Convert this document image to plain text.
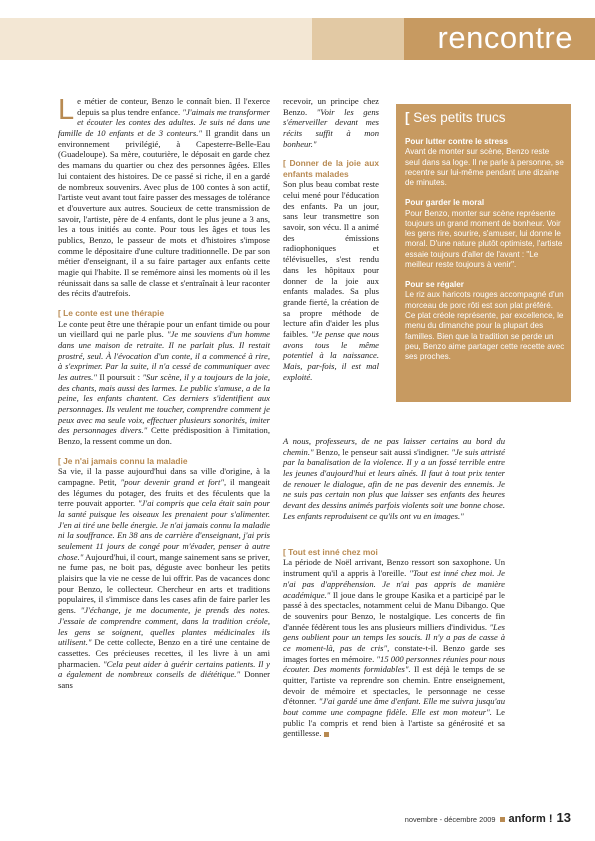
rencontre

Le métier de conteur, Benzo le connaît bien. Il l'exerce depuis sa plus tendre enfance. "J'aimais me transformer et écouter les contes des adultes. Je suis né dans une famille de 10 enfants et de 3 conteurs." Il grandit dans un environnement privilégié, à Capesterre-Belle-Eau (Guadeloupe). Sa mère, couturière, le déposait en garde chez des mamans du quartier ou chez des personnes âgées. Elles lui contaient des histoires. De ce passé si riche, il en a gardé de nombreux souvenirs. Avec plus de 100 contes à son actif, l'artiste veut avant tout faire passer des messages de tolérance et d'ouverture aux autres. Soucieux de cette transmission de savoir, l'artiste, père de 4 enfants, dont le plus jeune a 3 ans, les a tous initiés au conte. Pour tous les âges et tous les publics, Benzo, le passeur de mots et d'histoires s'impose comme le dépositaire d'une culture traditionnelle. De par son métier d'enseignant, il a su faire partager aux enfants cette magie qui l'habite. Il se remémore ainsi les moments où il les réunissait dans sa salle de classe et s'entraînait à leur raconter des récits d'autrefois.

[ Le conte est une thérapie

Le conte peut être une thérapie pour un enfant timide ou pour un vieillard qui ne parle plus. "Je me souviens d'un homme dans une maison de retraite. Il ne parlait plus. Il restait prostré, seul. À l'évocation d'un conte, il a commencé à rire, à s'exprimer. Par la suite, il n'a cessé de communiquer avec les autres." Il poursuit : "Sur scène, il y a toujours de la joie, des chants, mais aussi des larmes. Le public s'amuse, a de la peine, les enfants chantent. Ces derniers s'identifient aux personnages. Ils veulent me toucher, comprendre comment je peux avec ma seule voix, effectuer plusieurs sonorités, imiter des personnages divers." Cette prédisposition à l'imitation, Benzo, la ressent comme un don.

[ Je n'ai jamais connu la maladie

Sa vie, il la passe aujourd'hui dans sa ville d'origine, à la campagne. Petit, "pour devenir grand et fort", il mangeait des légumes du potager, des fruits et des féculents que la terre pouvait apporter. "J'ai compris que cela était sain pour la santé puisque les oiseaux les prenaient pour s'alimenter. J'en ai tiré une belle énergie. Je n'ai jamais connu la maladie ni la souffrance. En 38 ans de carrière d'enseignant, j'ai pris seulement 11 jours de congé pour m'évader, penser à autre chose." Aujourd'hui, il court, mange sainement sans se priver, ne fume pas, ne boit pas, déguste avec bonheur les petits plaisirs que la vie ne cesse de lui offrir. Pas de vacances donc pour Benzo, le collecteur. Chercheur en arts et traditions populaires, il s'immisce dans les cases afin de faire parler les gens. "J'échange, je me documente, je prends des notes. J'essaie de comprendre comment, dans la tradition créole, les gens se soignent, quelles plantes médicinales ils utilisent." De cette collecte, Benzo en a tiré une centaine de cassettes. Ces précieuses recettes, il les livre à un ami pharmacien. "Cela peut aider à guérir certains patients. Il y a également de nombreux conseils de diététique." Donner sans

recevoir, un principe chez Benzo. "Voir les gens s'émerveiller devant mes récits suffit à mon bonheur."

[ Donner de la joie aux enfants malades

Son plus beau combat reste celui mené pour l'éducation des enfants. Pa un jour, sans leur transmettre son savoir, son vécu. Il a animé des émissions radiophoniques et télévisuelles, s'est rendu dans les hôpitaux pour donner de la joie aux enfants malades. Sa plus grande fierté, la création de sa propre méthode de lecture afin d'aider les plus faibles. "Je pense que nous avons tous le même potentiel à la naissance. Mais, par-fois, il est mal exploité.

A nous, professeurs, de ne pas laisser certains au bord du chemin." Benzo, le penseur sait aussi s'indigner. "Je suis attristé par la banalisation de la violence. Il y a un fossé terrible entre les jeunes d'aujourd'hui et leurs aînés. Il faut à tout prix tenter de renouer le dialogue, afin de ne pas devenir des ennemis. Je ne suis pas certain non plus que laisser ses enfants des heures devant des dessins animés parfois violents soit une bonne chose. Les enfants reproduisent ce qu'ils ont vu en images."

[ Tout est inné chez moi

La période de Noël arrivant, Benzo ressort son saxophone. Un instrument qu'il a appris à l'oreille. "Tout est inné chez moi. Je n'ai pas d'appréhension. Je n'ai pas appris de manière académique." Il joue dans le groupe Kasika et a participé par le passé à des spectacles, notamment celui de Manu Dibango. Que de souvenirs pour Benzo, le nostalgique. Les concerts de fin d'année fédèrent tous les ans plusieurs milliers d'individus. "Les gens oublient pour un temps les soucis. Il n'y a pas de casse à ce moment-là, pas de cris", constate-t-il. Benzo garde ses images fortes en mémoire. "15 000 personnes réunies pour nous écouter. Des moments formidables". Il est déjà le temps de se quitter, l'artiste va reprendre son chemin. Entre enseignement, devoir de mémoire et spectacles, le personnage ne cesse d'étonner. "J'ai gardé une âme d'enfant. Elle me suivra jusqu'au bout comme une compagne fidèle. Elle est mon moteur". Le public l'a compris et rend bien à l'artiste sa générosité et sa gentillesse.

[ Ses petits trucs

Pour lutter contre le stress

Avant de monter sur scène, Benzo reste seul dans sa loge. Il ne parle à personne, se recentre sur lui-même pendant une dizaine de minutes.

Pour garder le moral

Pour Benzo, monter sur scène représente toujours un grand moment de bonheur. Voir les gens rire, sourire, s'amuser, lui donne le moral. D'une nature plutôt optimiste, l'artiste essaie toujours d'aller de l'avant : "Le meilleur reste toujours à venir".

Pour se régaler

Le riz aux haricots rouges accompagné d'un morceau de porc rôti est son plat préféré. Ce plat créole représente, par excellence, le menu du dimanche pour la plupart des familles. Bien que la tradition se perde un peu, Benzo aime partager cette recette avec ses proches.

novembre - décembre 2009 anform ! 13
